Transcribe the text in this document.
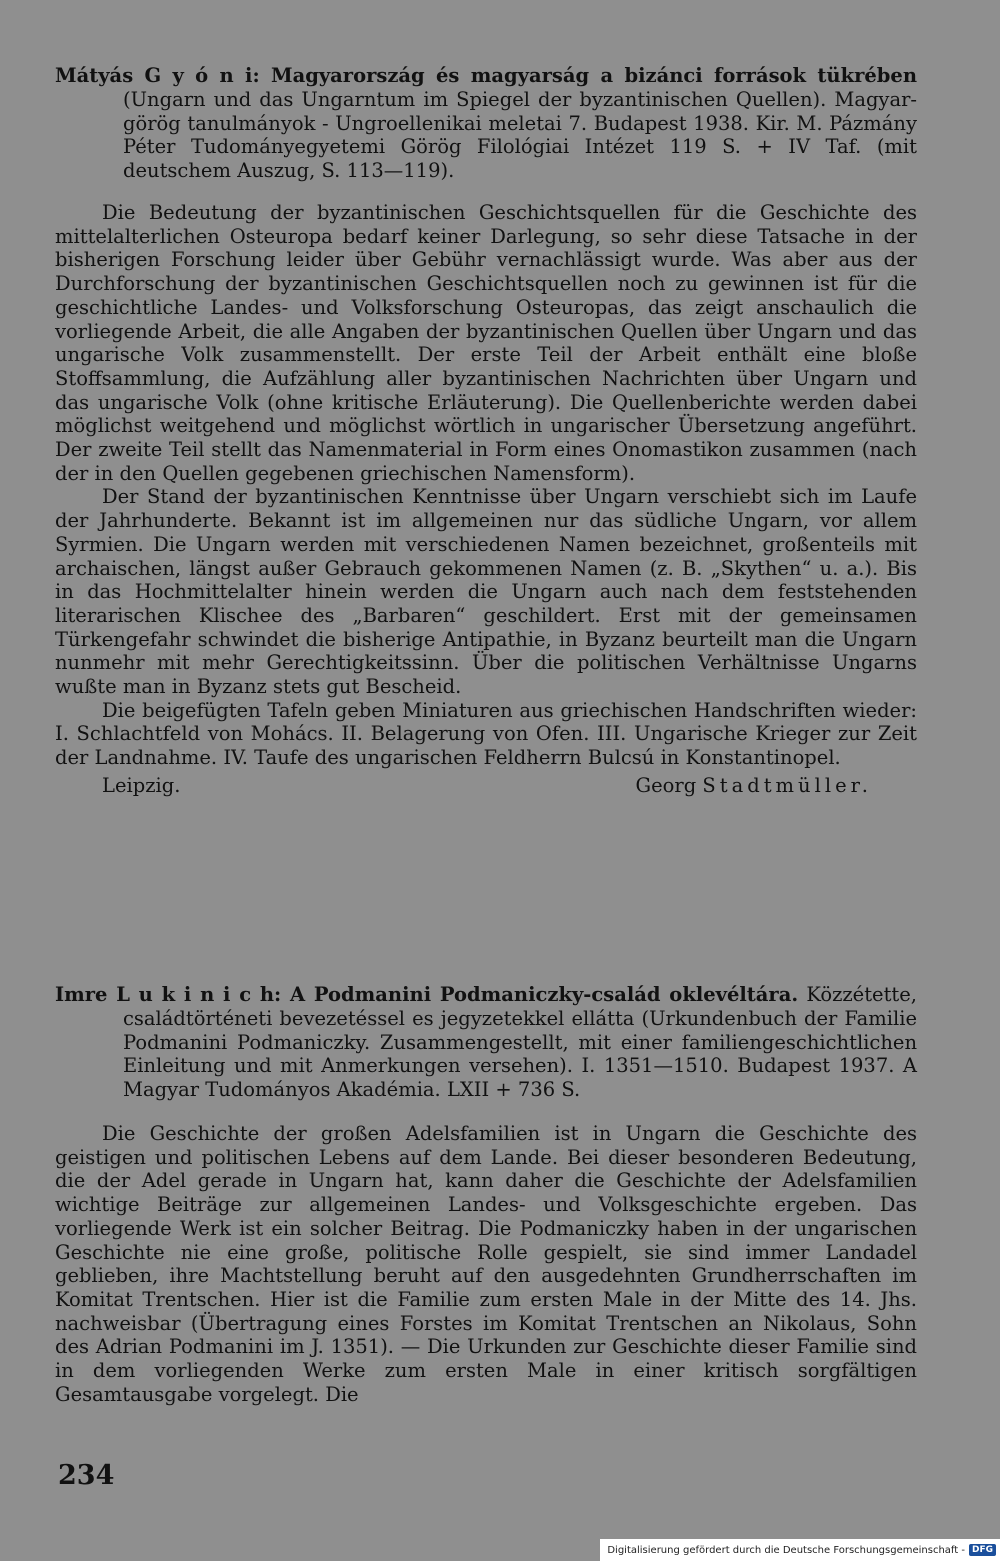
Mátyás G y ó n i: Magyarország és magyarság a bizánci források tükrében (Ungarn und das Ungarntum im Spiegel der byzantinischen Quellen). Magyar-görög tanulmányok - Ungroellenikai meletai 7. Budapest 1938. Kir. M. Pázmány Péter Tudományegyetemi Görög Filológiai Intézet 119 S. + IV Taf. (mit deutschem Auszug, S. 113—119).

Die Bedeutung der byzantinischen Geschichtsquellen für die Geschichte des mittelalterlichen Osteuropa bedarf keiner Darlegung, so sehr diese Tatsache in der bisherigen Forschung leider über Gebühr vernachlässigt wurde. Was aber aus der Durchforschung der byzantinischen Geschichtsquellen noch zu gewinnen ist für die geschichtliche Landes- und Volksforschung Osteuropas, das zeigt anschaulich die vorliegende Arbeit, die alle Angaben der byzantinischen Quellen über Ungarn und das ungarische Volk zusammenstellt. Der erste Teil der Arbeit enthält eine bloße Stoffsammlung, die Aufzählung aller byzantinischen Nachrichten über Ungarn und das ungarische Volk (ohne kritische Erläuterung). Die Quellenberichte werden dabei möglichst weitgehend und möglichst wörtlich in ungarischer Übersetzung angeführt. Der zweite Teil stellt das Namenmaterial in Form eines Onomastikon zusammen (nach der in den Quellen gegebenen griechischen Namensform).

Der Stand der byzantinischen Kenntnisse über Ungarn verschiebt sich im Laufe der Jahrhunderte. Bekannt ist im allgemeinen nur das südliche Ungarn, vor allem Syrmien. Die Ungarn werden mit verschiedenen Namen bezeichnet, großenteils mit archaischen, längst außer Gebrauch gekommenen Namen (z. B. „Skythen“ u. a.). Bis in das Hochmittelalter hinein werden die Ungarn auch nach dem feststehenden literarischen Klischee des „Barbaren“ geschildert. Erst mit der gemeinsamen Türkengefahr schwindet die bisherige Antipathie, in Byzanz beurteilt man die Ungarn nunmehr mit mehr Gerechtigkeitssinn. Über die politischen Verhältnisse Ungarns wußte man in Byzanz stets gut Bescheid.

Die beigefügten Tafeln geben Miniaturen aus griechischen Handschriften wieder: I. Schlachtfeld von Mohács. II. Belagerung von Ofen. III. Ungarische Krieger zur Zeit der Landnahme. IV. Taufe des ungarischen Feldherrn Bulcsú in Konstantinopel.

Leipzig.	Georg Stadtmüller.
Imre L u k i n i c h: A Podmanini Podmaniczky-család oklevéltára. Közzétette, családtörténeti bevezetéssel es jegyzetekkel ellátta (Urkundenbuch der Familie Podmanini Podmaniczky. Zusammengestellt, mit einer familiengeschichtlichen Einleitung und mit Anmerkungen versehen). I. 1351—1510. Budapest 1937. A Magyar Tudományos Akadémia. LXII + 736 S.

Die Geschichte der großen Adelsfamilien ist in Ungarn die Geschichte des geistigen und politischen Lebens auf dem Lande. Bei dieser besonderen Bedeutung, die der Adel gerade in Ungarn hat, kann daher die Geschichte der Adelsfamilien wichtige Beiträge zur allgemeinen Landes- und Volksgeschichte ergeben. Das vorliegende Werk ist ein solcher Beitrag. Die Podmaniczky haben in der ungarischen Geschichte nie eine große, politische Rolle gespielt, sie sind immer Landadel geblieben, ihre Machtstellung beruht auf den ausgedehnten Grundherrschaften im Komitat Trentschen. Hier ist die Familie zum ersten Male in der Mitte des 14. Jhs. nachweisbar (Übertragung eines Forstes im Komitat Trentschen an Nikolaus, Sohn des Adrian Podmanini im J. 1351). — Die Urkunden zur Geschichte dieser Familie sind in dem vorliegenden Werke zum ersten Male in einer kritisch sorgfältigen Gesamtausgabe vorgelegt. Die

234
Digitalisierung gefördert durch die Deutsche Forschungsgemeinschaft - DFG
